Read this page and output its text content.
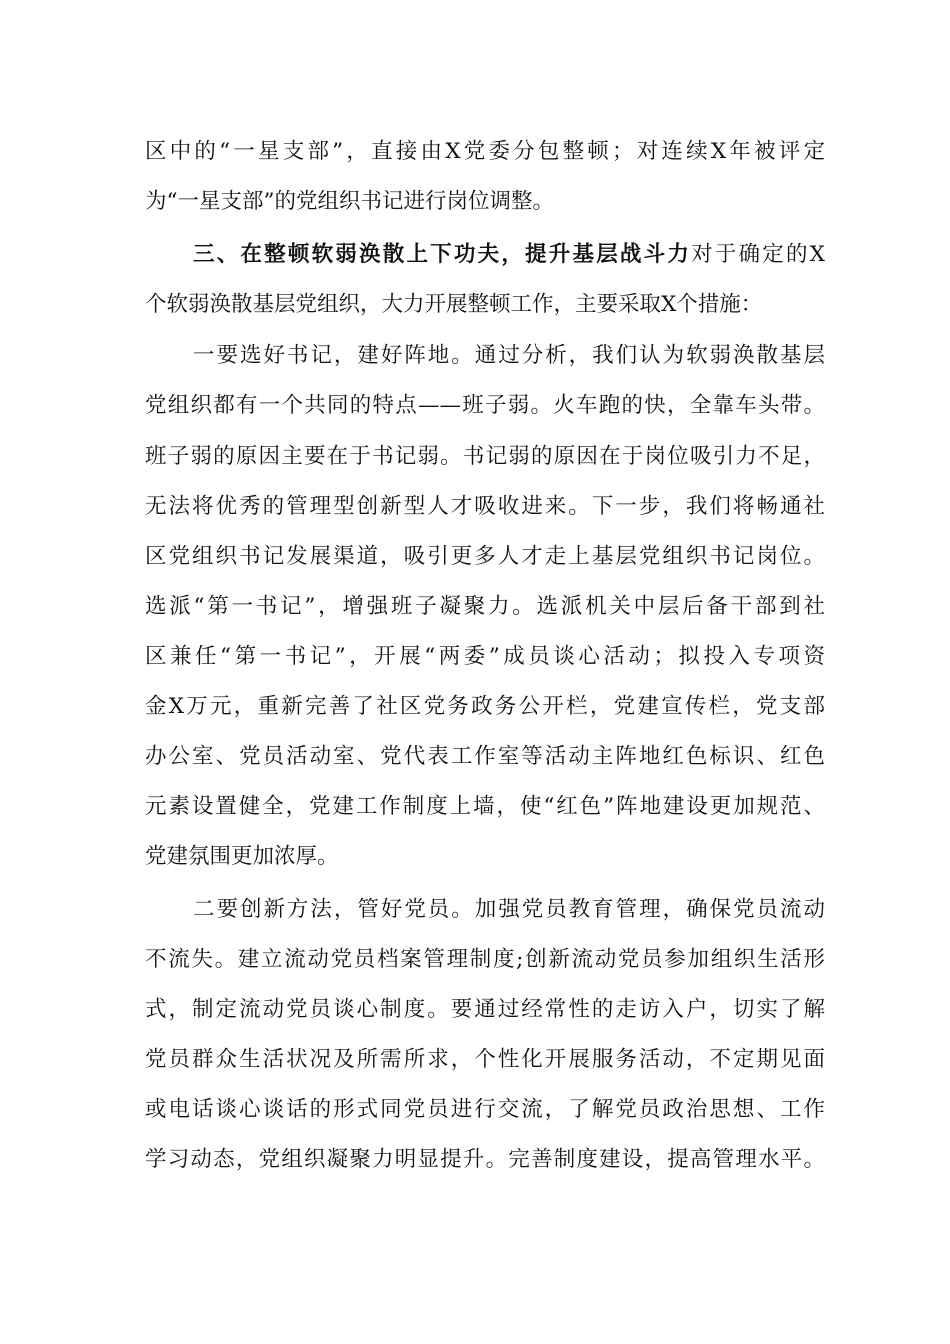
区中的“一星支部”，直接由X党委分包整顿；对连续X年被评定
为“一星支部”的党组织书记进行岗位调整。
三、在整顿软弱涣散上下功夫，提升基层战斗力对于确定的X
个软弱涣散基层党组织，大力开展整顿工作，主要采取X个措施：
一要选好书记，建好阵地。通过分析，我们认为软弱涣散基层
党组织都有一个共同的特点——班子弱。火车跑的快，全靠车头带。
班子弱的原因主要在于书记弱。书记弱的原因在于岗位吸引力不足，
无法将优秀的管理型创新型人才吸收进来。下一步，我们将畅通社
区党组织书记发展渠道，吸引更多人才走上基层党组织书记岗位。
选派“第一书记”，增强班子凝聚力。选派机关中层后备干部到社
区兼任“第一书记”，开展“两委”成员谈心活动；拟投入专项资
金X万元，重新完善了社区党务政务公开栏，党建宣传栏，党支部
办公室、党员活动室、党代表工作室等活动主阵地红色标识、红色
元素设置健全，党建工作制度上墙，使“红色”阵地建设更加规范、
党建氛围更加浓厚。
二要创新方法，管好党员。加强党员教育管理，确保党员流动
不流失。建立流动党员档案管理制度;创新流动党员参加组织生活形
式，制定流动党员谈心制度。要通过经常性的走访入户，切实了解
党员群众生活状况及所需所求，个性化开展服务活动，不定期见面
或电话谈心谈话的形式同党员进行交流，了解党员政治思想、工作
学习动态，党组织凝聚力明显提升。完善制度建设，提高管理水平。
